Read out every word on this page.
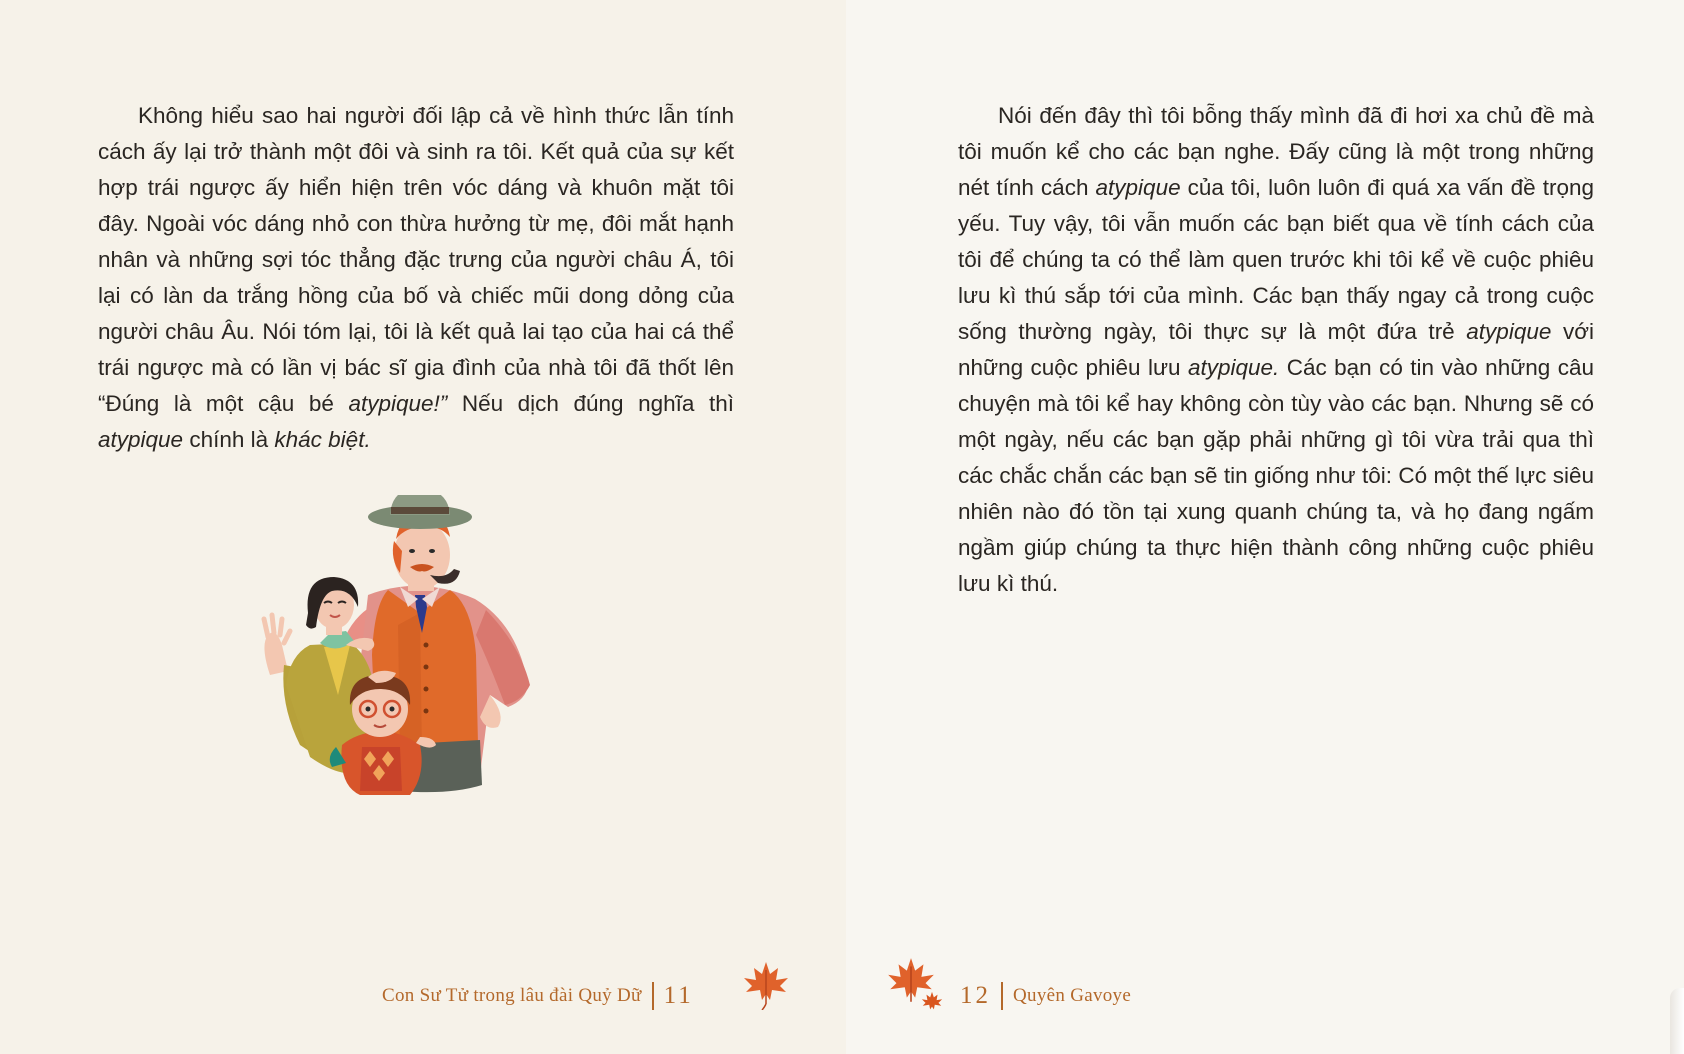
Không hiểu sao hai người đối lập cả về hình thức lẫn tính cách ấy lại trở thành một đôi và sinh ra tôi. Kết quả của sự kết hợp trái ngược ấy hiển hiện trên vóc dáng và khuôn mặt tôi đây. Ngoài vóc dáng nhỏ con thừa hưởng từ mẹ, đôi mắt hạnh nhân và những sợi tóc thẳng đặc trưng của người châu Á, tôi lại có làn da trắng hồng của bố và chiếc mũi dong dỏng của người châu Âu. Nói tóm lại, tôi là kết quả lai tạo của hai cá thể trái ngược mà có lần vị bác sĩ gia đình của nhà tôi đã thốt lên “Đúng là một cậu bé atypique!” Nếu dịch đúng nghĩa thì atypique chính là khác biệt.

Con Sư Tử trong lâu đài Quỷ Dữ 11

Nói đến đây thì tôi bỗng thấy mình đã đi hơi xa chủ đề mà tôi muốn kể cho các bạn nghe. Đấy cũng là một trong những nét tính cách atypique của tôi, luôn luôn đi quá xa vấn đề trọng yếu. Tuy vậy, tôi vẫn muốn các bạn biết qua về tính cách của tôi để chúng ta có thể làm quen trước khi tôi kể về cuộc phiêu lưu kì thú sắp tới của mình. Các bạn thấy ngay cả trong cuộc sống thường ngày, tôi thực sự là một đứa trẻ atypique với những cuộc phiêu lưu atypique. Các bạn có tin vào những câu chuyện mà tôi kể hay không còn tùy vào các bạn. Nhưng sẽ có một ngày, nếu các bạn gặp phải những gì tôi vừa trải qua thì các chắc chắn các bạn sẽ tin giống như tôi: Có một thế lực siêu nhiên nào đó tồn tại xung quanh chúng ta, và họ đang ngấm ngầm giúp chúng ta thực hiện thành công những cuộc phiêu lưu kì thú.

12 Quyên Gavoye
